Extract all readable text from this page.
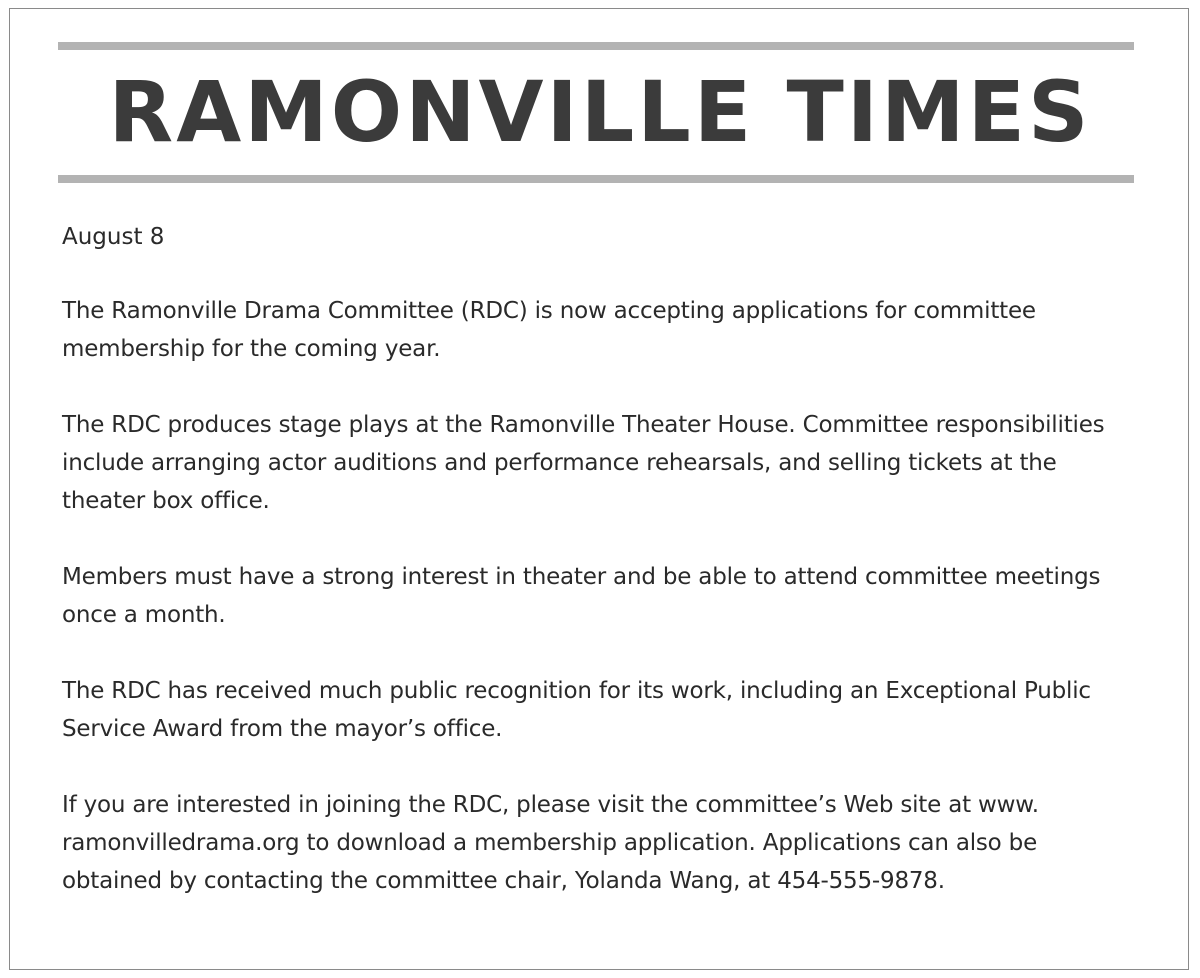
RAMONVILLE TIMES

August 8

The Ramonville Drama Committee (RDC) is now accepting applications for committee
membership for the coming year.

The RDC produces stage plays at the Ramonville Theater House. Committee responsibilities
include arranging actor auditions and performance rehearsals, and selling tickets at the
theater box office.

Members must have a strong interest in theater and be able to attend committee meetings
once a month.

The RDC has received much public recognition for its work, including an Exceptional Public
Service Award from the mayor’s office.

If you are interested in joining the RDC, please visit the committee’s Web site at www.
ramonvilledrama.org to download a membership application. Applications can also be
obtained by contacting the committee chair, Yolanda Wang, at 454-555-9878.
